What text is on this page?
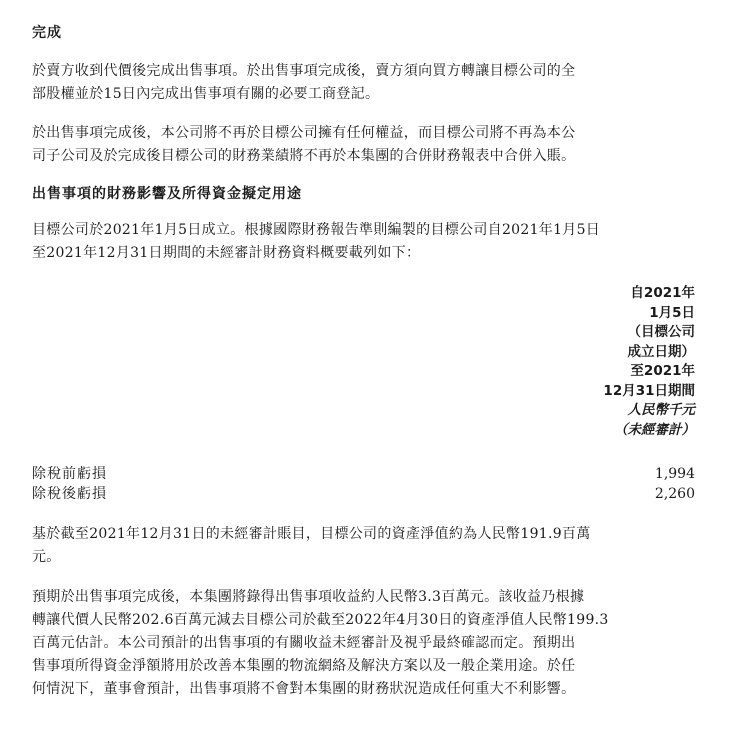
完成
於賣方收到代價後完成出售事項。於出售事項完成後，賣方須向買方轉讓目標公司的全
部股權並於15日內完成出售事項有關的必要工商登記。
於出售事項完成後，本公司將不再於目標公司擁有任何權益，而目標公司將不再為本公
司子公司及於完成後目標公司的財務業績將不再於本集團的合併財務報表中合併入賬。
出售事項的財務影響及所得資金擬定用途
目標公司於2021年1月5日成立。根據國際財務報告準則編製的目標公司自2021年1月5日
至2021年12月31日期間的未經審計財務資料概要載列如下：
自2021年
1月5日
（目標公司
成立日期）
至2021年
12月31日期間
人民幣千元
（未經審計）
除稅前虧損	1,994
除稅後虧損	2,260
基於截至2021年12月31日的未經審計賬目，目標公司的資產淨值約為人民幣191.9百萬
元。
預期於出售事項完成後，本集團將錄得出售事項收益約人民幣3.3百萬元。該收益乃根據
轉讓代價人民幣202.6百萬元減去目標公司於截至2022年4月30日的資產淨值人民幣199.3
百萬元估計。本公司預計的出售事項的有關收益未經審計及視乎最終確認而定。預期出
售事項所得資金淨額將用於改善本集團的物流網絡及解決方案以及一般企業用途。於任
何情況下，董事會預計，出售事項將不會對本集團的財務狀況造成任何重大不利影響。
